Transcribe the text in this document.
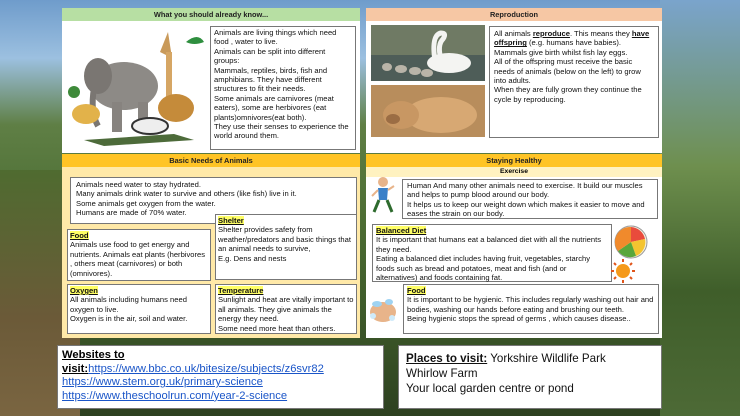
What you should already know...
Animals are living things which need food , water to live.
Animals can be split into different groups:
Mammals, reptiles, birds, fish and amphibians. They have different structures to fit their needs.
Some animals are carnivores (meat eaters), some are herbivores (eat plants)omnivores(eat both).
They use their senses to experience the world around them.
Reproduction
All animals reproduce. This means they have offspring (e.g. humans have babies).
Mammals give birth whilst fish lay eggs.
All of the offspring must receive the basic needs of animals (below on the left) to grow into adults.
When they are fully grown they continue the cycle by reproducing.
Basic Needs of Animals
Animals need water to stay hydrated.
Many animals drink water to survive and others (like fish) live in it.
Some animals get oxygen from the water.
Humans are made of 70% water.
Food
Animals use food to get energy and nutrients. Animals eat plants (herbivores , others meat (carnivores) or both (omnivores).
Shelter
Shelter provides safety from weather/predators and basic things that an animal needs to survive,
E.g. Dens and nests
Oxygen
All animals including humans need oxygen to live.
Oxygen is in the air, soil and water.
Temperature
Sunlight and heat are vitally important to all animals. They give animals the energy they need.
Some need more heat than others.
Staying Healthy
Exercise
Human And many other animals need to exercise. It build our muscles and helps to pump blood around our body.
It helps us to keep our weight down which makes it easier to move and eases the strain on our body.
Balanced Diet
It is important that humans eat a balanced diet with all the nutrients they need.
Eating a balanced diet includes having fruit, vegetables, starchy foods such as bread and potatoes, meat and fish (and or alternatives) and foods containing fat.
Food
It is important to be hygienic. This includes regularly washing out hair and bodies, washing our hands before eating and brushing our teeth.
Being hygienic stops the spread of germs , which causes disease..
Websites to visit:https://www.bbc.co.uk/bitesize/subjects/z6svr82
https://www.stem.org.uk/primary-science
https://www.theschoolrun.com/year-2-science
Places to visit: Yorkshire Wildlife Park
Whirlow Farm
Your local garden centre or pond
